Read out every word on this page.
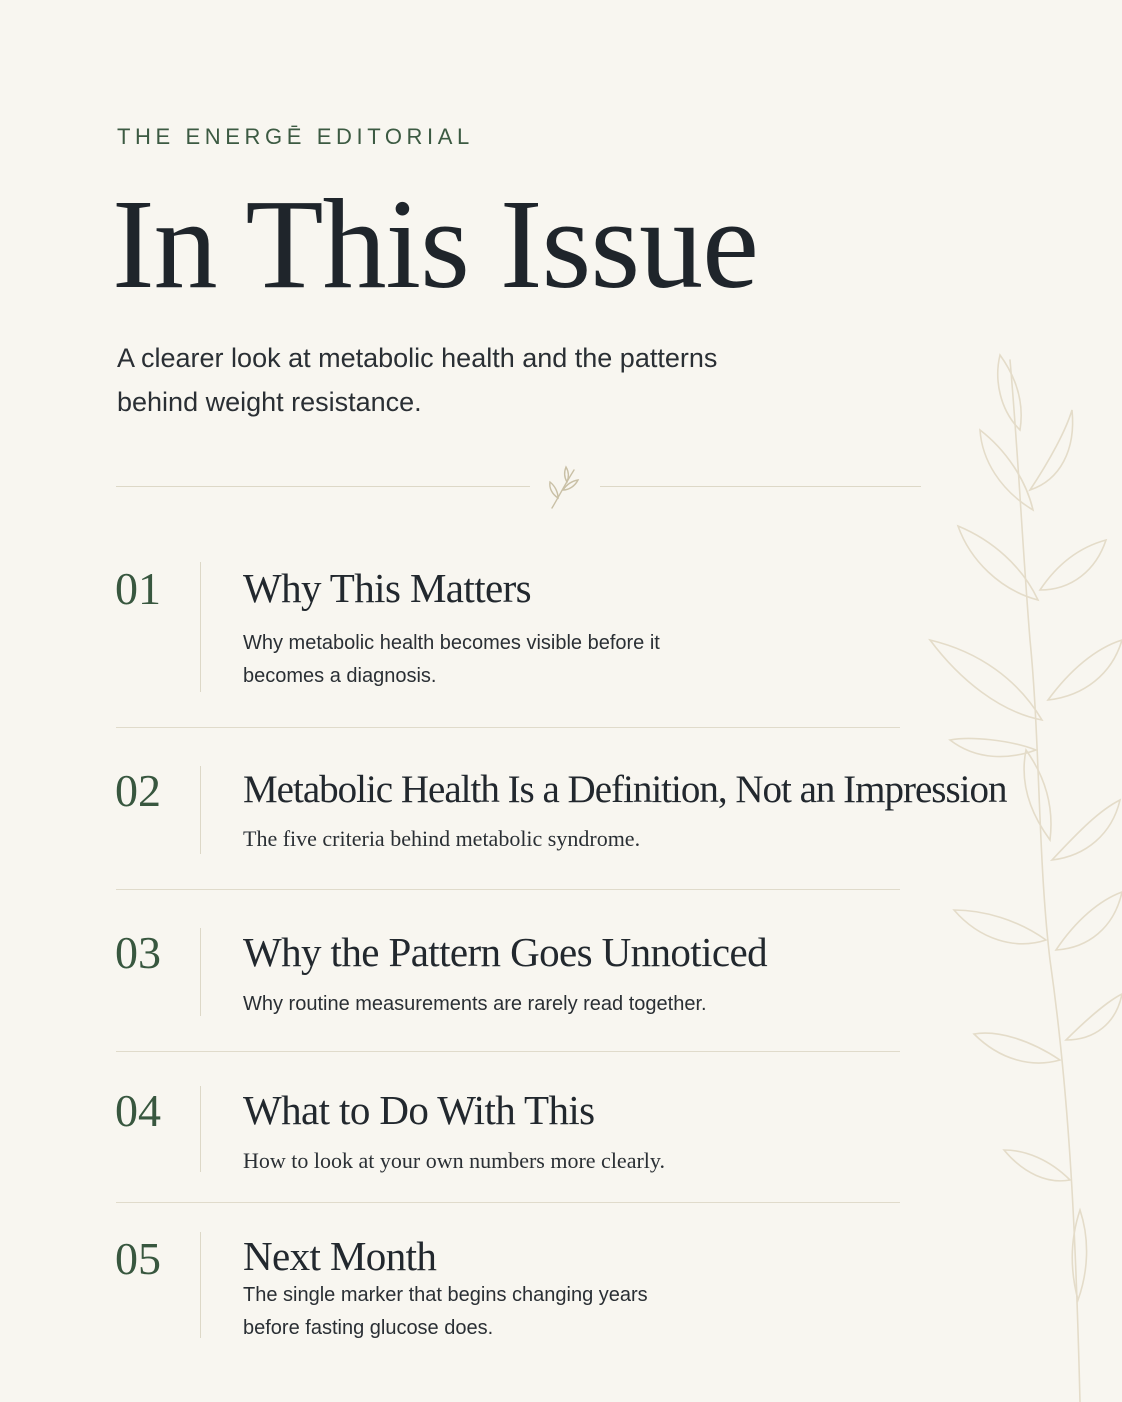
THE ENERGĒ EDITORIAL
In This Issue
A clearer look at metabolic health and the patterns behind weight resistance.
01 Why This Matters
Why metabolic health becomes visible before it becomes a diagnosis.
02 Metabolic Health Is a Definition, Not an Impression
The five criteria behind metabolic syndrome.
03 Why the Pattern Goes Unnoticed
Why routine measurements are rarely read together.
04 What to Do With This
How to look at your own numbers more clearly.
05 Next Month
The single marker that begins changing years before fasting glucose does.
